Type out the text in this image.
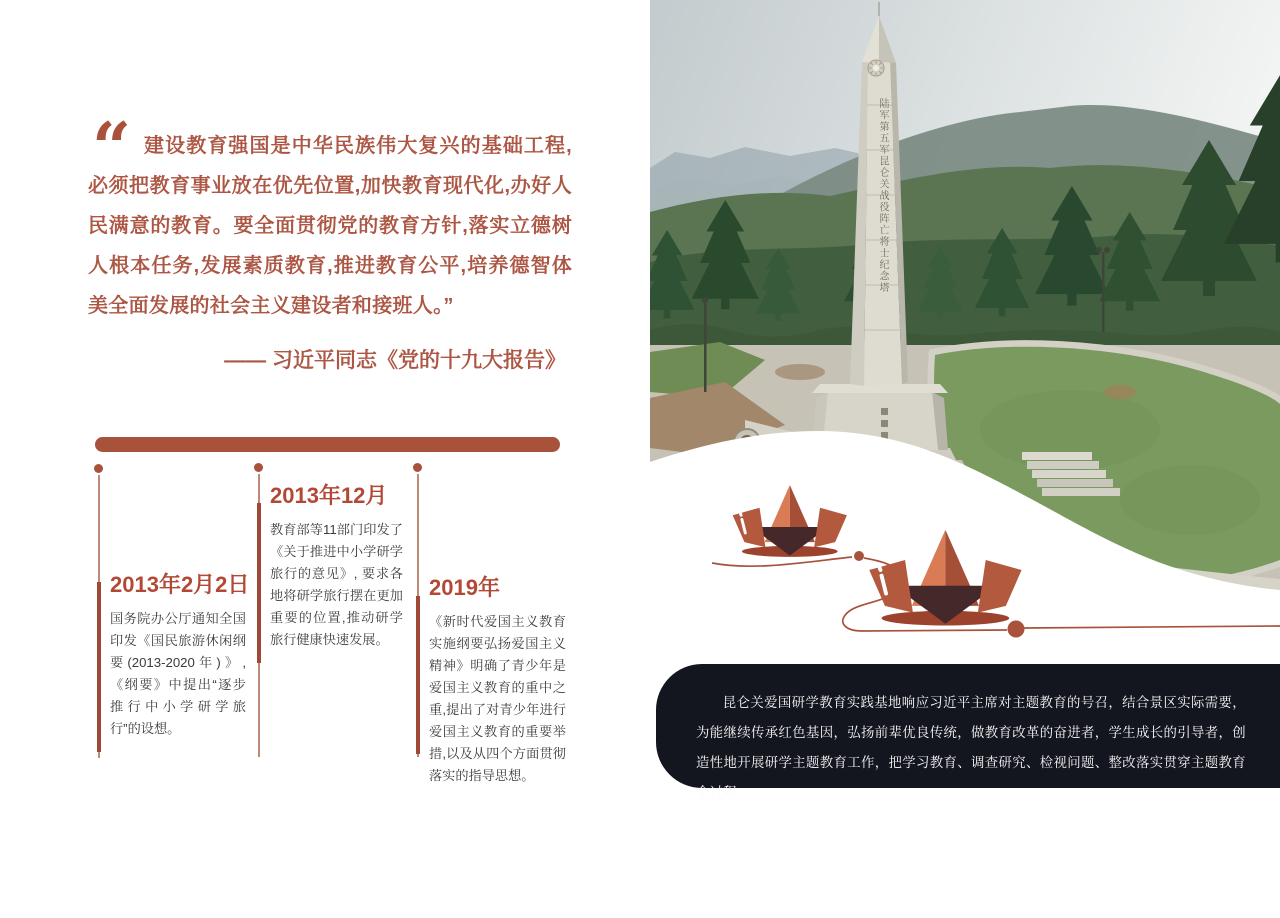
“ 建设教育强国是中华民族伟大复兴的基础工程,必须把教育事业放在优先位置,加快教育现代化,办好人民满意的教育。要全面贯彻党的教育方针,落实立德树人根本任务,发展素质教育,推进教育公平,培养德智体美全面发展的社会主义建设者和接班人。”

—— 习近平同志《党的十九大报告》
2013年2月2日

国务院办公厅通知全国印发《国民旅游休闲纲要(2013-2020年)》,《纲要》中提出“逐步推行中小学研学旅行”的设想。

2013年12月

教育部等11部门印发了《关于推进中小学研学旅行的意见》, 要求各地将研学旅行摆在更加重要的位置,推动研学旅行健康快速发展。

2019年

《新时代爱国主义教育实施纲要弘扬爱国主义精神》明确了青少年是爱国主义教育的重中之重,提出了对青少年进行爱国主义教育的重要举措,以及从四个方面贯彻落实的指导思想。

陆军第五军昆仑关战役阵亡将士纪念塔

昆仑关爱国研学教育实践基地响应习近平主席对主题教育的号召，结合景区实际需要，为能继续传承红色基因，弘扬前辈优良传统，做教育改革的奋进者，学生成长的引导者，创造性地开展研学主题教育工作，把学习教育、调查研究、检视问题、整改落实贯穿主题教育全过程。
